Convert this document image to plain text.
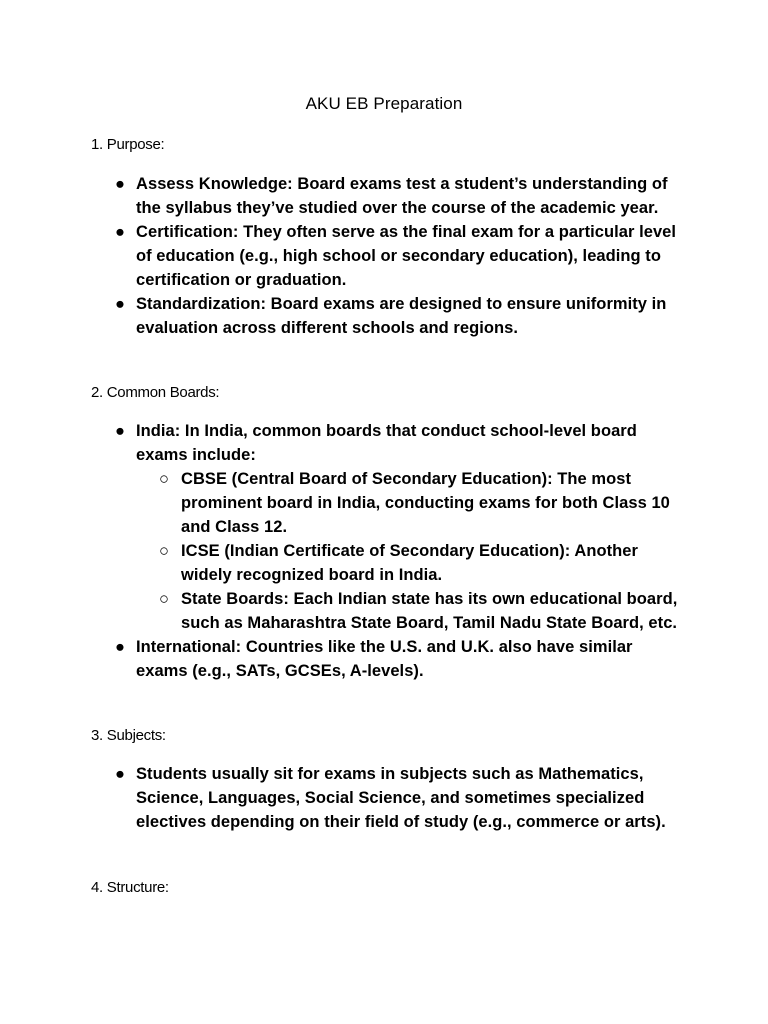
AKU EB Preparation
1. Purpose:
● Assess Knowledge: Board exams test a student’s understanding of the syllabus they’ve studied over the course of the academic year.
● Certification: They often serve as the final exam for a particular level of education (e.g., high school or secondary education), leading to certification or graduation.
● Standardization: Board exams are designed to ensure uniformity in evaluation across different schools and regions.
2. Common Boards:
● India: In India, common boards that conduct school-level board exams include:
○ CBSE (Central Board of Secondary Education): The most prominent board in India, conducting exams for both Class 10 and Class 12.
○ ICSE (Indian Certificate of Secondary Education): Another widely recognized board in India.
○ State Boards: Each Indian state has its own educational board, such as Maharashtra State Board, Tamil Nadu State Board, etc.
● International: Countries like the U.S. and U.K. also have similar exams (e.g., SATs, GCSEs, A-levels).
3. Subjects:
● Students usually sit for exams in subjects such as Mathematics, Science, Languages, Social Science, and sometimes specialized electives depending on their field of study (e.g., commerce or arts).
4. Structure:
